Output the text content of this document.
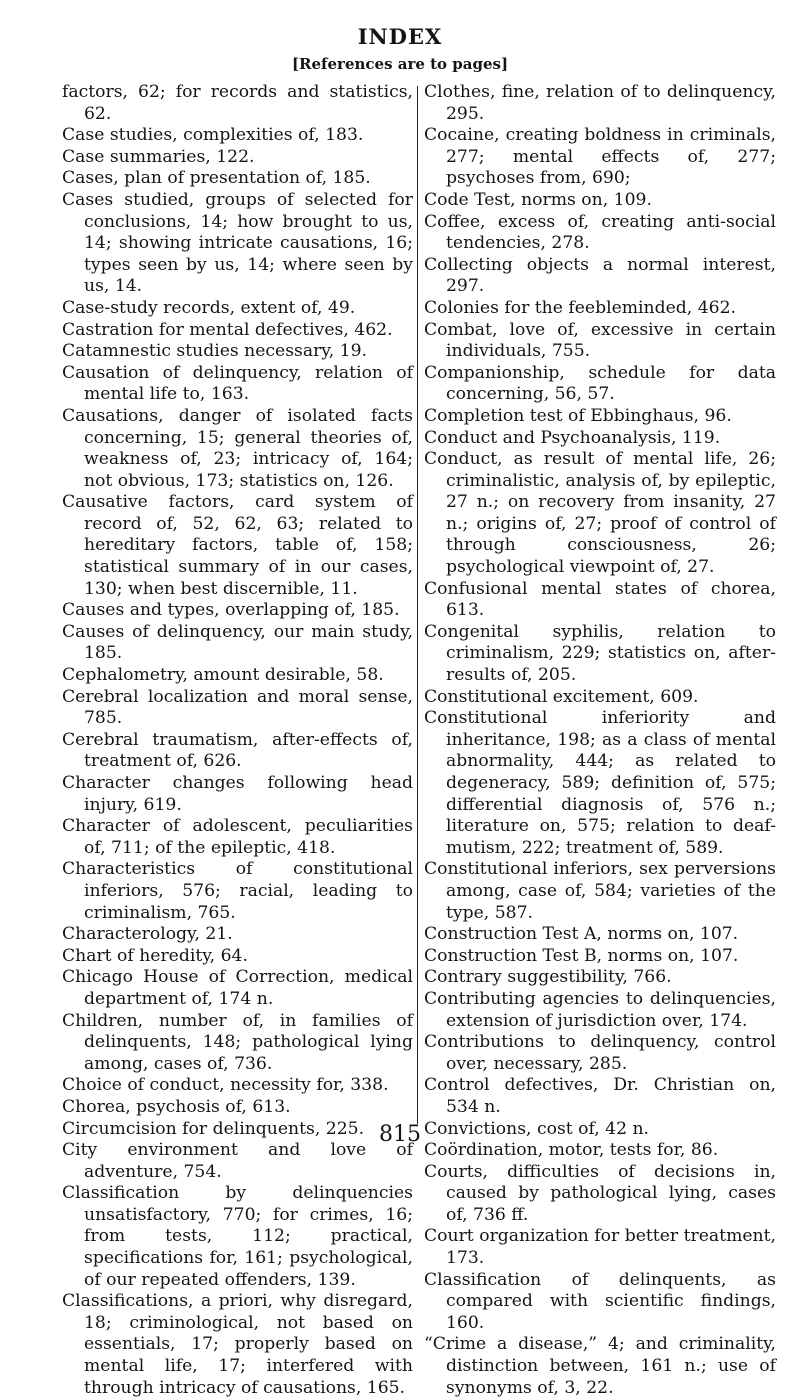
INDEX
[References are to pages]

factors, 62; for records and statistics, 62.

Case studies, complexities of, 183.

Case summaries, 122.

Cases, plan of presentation of, 185.

Cases studied, groups of selected for conclusions, 14; how brought to us, 14; showing intricate causations, 16; types seen by us, 14; where seen by us, 14.

Case-study records, extent of, 49.

Castration for mental defectives, 462.

Catamnestic studies necessary, 19.

Causation of delinquency, relation of mental life to, 163.

Causations, danger of isolated facts concerning, 15; general theories of, weakness of, 23; intricacy of, 164; not obvious, 173; statistics on, 126.

Causative factors, card system of record of, 52, 62, 63; related to hereditary factors, table of, 158; statistical summary of in our cases, 130; when best discernible, 11.

Causes and types, overlapping of, 185.

Causes of delinquency, our main study, 185.

Cephalometry, amount desirable, 58.

Cerebral localization and moral sense, 785.

Cerebral traumatism, after-effects of, treatment of, 626.

Character changes following head injury, 619.

Character of adolescent, peculiarities of, 711; of the epileptic, 418.

Characteristics of constitutional inferiors, 576; racial, leading to criminalism, 765.

Characterology, 21.

Chart of heredity, 64.

Chicago House of Correction, medical department of, 174 n.

Children, number of, in families of delinquents, 148; pathological lying among, cases of, 736.

Choice of conduct, necessity for, 338.

Chorea, psychosis of, 613.

Circumcision for delinquents, 225.

City environment and love of adventure, 754.

Classification by delinquencies unsatisfactory, 770; for crimes, 16; from tests, 112; practical, specifications for, 161; psychological, of our repeated offenders, 139.

Classifications, a priori, why disregard, 18; criminological, not based on essentials, 17; properly based on mental life, 17; interfered with through intricacy of causations, 165.

Clothes, fine, relation of to delinquency, 295.

Cocaine, creating boldness in criminals, 277; mental effects of, 277; psychoses from, 690;

Code Test, norms on, 109.

Coffee, excess of, creating anti-social tendencies, 278.

Collecting objects a normal interest, 297.

Colonies for the feebleminded, 462.

Combat, love of, excessive in certain individuals, 755.

Companionship, schedule for data concerning, 56, 57.

Completion test of Ebbinghaus, 96.

Conduct and Psychoanalysis, 119.

Conduct, as result of mental life, 26; criminalistic, analysis of, by epileptic, 27 n.; on recovery from insanity, 27 n.; origins of, 27; proof of control of through consciousness, 26; psychological viewpoint of, 27.

Confusional mental states of chorea, 613.

Congenital syphilis, relation to criminalism, 229; statistics on, after-results of, 205.

Constitutional excitement, 609.

Constitutional inferiority and inheritance, 198; as a class of mental abnormality, 444; as related to degeneracy, 589; definition of, 575; differential diagnosis of, 576 n.; literature on, 575; relation to deaf-mutism, 222; treatment of, 589.

Constitutional inferiors, sex perversions among, case of, 584; varieties of the type, 587.

Construction Test A, norms on, 107.

Construction Test B, norms on, 107.

Contrary suggestibility, 766.

Contributing agencies to delinquencies, extension of jurisdiction over, 174.

Contributions to delinquency, control over, necessary, 285.

Control defectives, Dr. Christian on, 534 n.

Convictions, cost of, 42 n.

Coördination, motor, tests for, 86.

Courts, difficulties of decisions in, caused by pathological lying, cases of, 736 ff.

Court organization for better treatment, 173.

Classification of delinquents, as compared with scientific findings, 160.

“Crime a disease,” 4; and criminality, distinction between, 161 n.; use of synonyms of, 3, 22.

815
